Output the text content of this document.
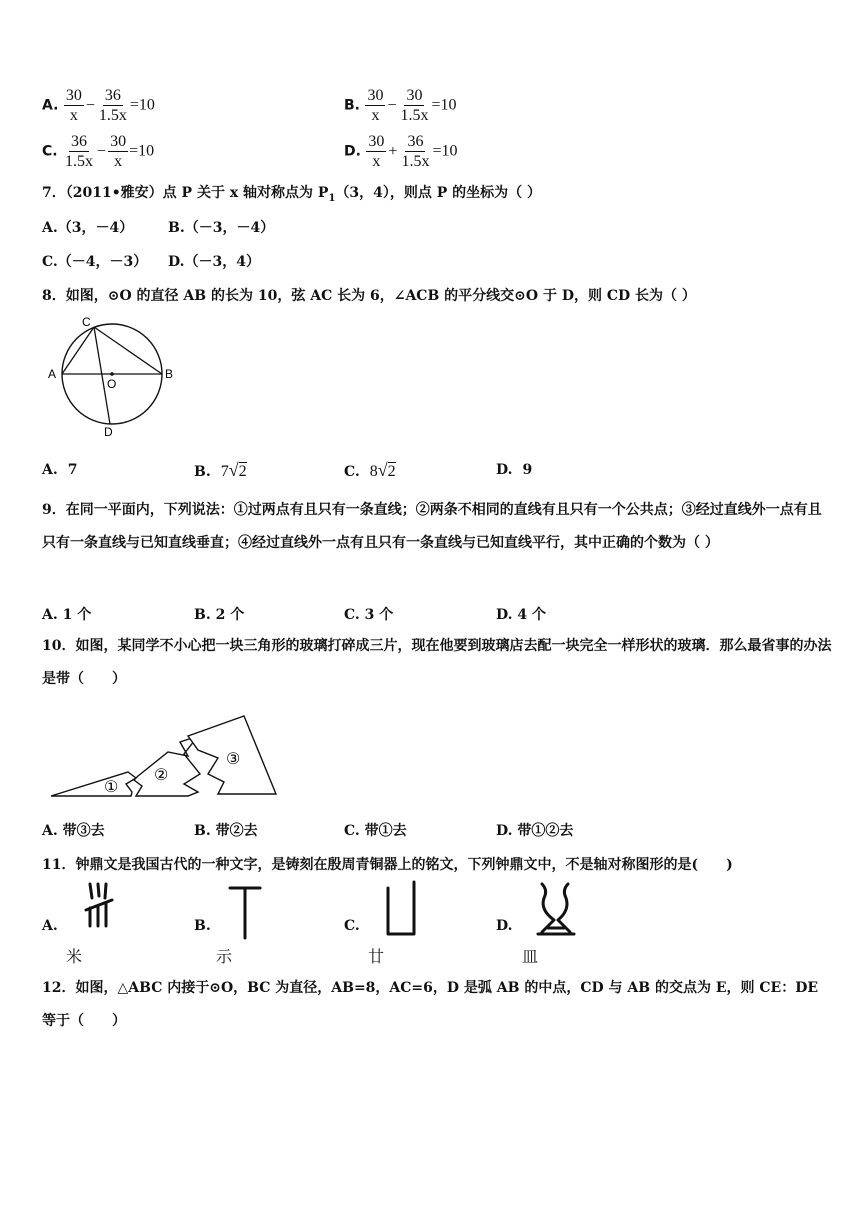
A. $\frac{30}{x} - \frac{36}{1.5x} =10$	B. $\frac{30}{x} - \frac{30}{1.5x} =10$
C. $\frac{36}{1.5x} - \frac{30}{x} =10$	D. $\frac{30}{x} + \frac{36}{1.5x} =10$
7．（2011•雅安）点 P 关于 x 轴对称点为 $P_1(3$，4），则点 P 的坐标为（ ）
A.（3，－4） B.（－3，－4）
C.（－4，－3） D.（－3，4）
8．如图，⊙O 的直径 AB 的长为 10，弦 AC 长为 6，∠ACB 的平分线交⊙O 于 D，则 CD 长为（ ）
A	B
C
O
D
A. 7	B. 7√2	C. 8√2	D. 9
9．在同一平面内，下列说法：①过两点有且只有一条直线；②两条不相同的直线有且只有一个公共点；③经过直线外一点有且只有一条直线与已知直线垂直；④经过直线外一点有且只有一条直线与已知直线平行，其中正确的个数为（ ）
A. 1 个	B. 2 个	C. 3 个	D. 4 个
10．如图，某同学不小心把一块三角形的玻璃打碎成三片，现在他要到玻璃店去配一块完全一样形状的玻璃．那么最省事的办法是带（　　）
①
②
③
A. 带③去	B. 带②去	C. 带①去	D. 带①②去
11．钟鼎文是我国古代的一种文字，是铸刻在殷周青铜器上的铭文，下列钟鼎文中，不是轴对称图形的是(　　)
A.
米
B.
示
C.
廿
D.
皿
12．如图，△ABC 内接于⊙O，BC 为直径，AB=8，AC=6，D 是弧 AB 的中点，CD 与 AB 的交点为 E，则 CE：DE 等于（　　）
